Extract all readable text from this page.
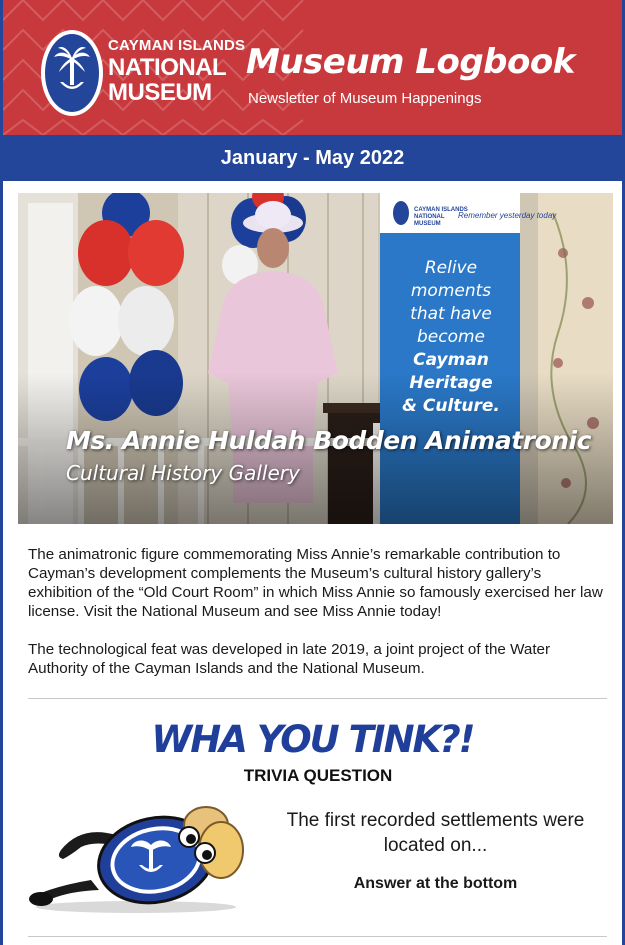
CAYMAN ISLANDS
NATIONAL
MUSEUM
Museum Logbook
Newsletter of Museum Happenings
January - May 2022
CAYMAN ISLANDS
NATIONAL
MUSEUM
Remember yesterday today
Relive
moments
that have
become
Cayman
Heritage
& Culture.
Ms. Annie Huldah Bodden Animatronic
Cultural History Gallery

The animatronic figure commemorating Miss Annie’s remarkable contribution to Cayman’s development complements the Museum’s cultural history gallery’s exhibition of the “Old Court Room” in which Miss Annie so famously exercised her law license. Visit the National Museum and see Miss Annie today!

The technological feat was developed in late 2019, a joint project of the Water Authority of the Cayman Islands and the National Museum.

WHA YOU TINK?!
TRIVIA QUESTION
The first recorded settlements were located on...
Answer at the bottom
